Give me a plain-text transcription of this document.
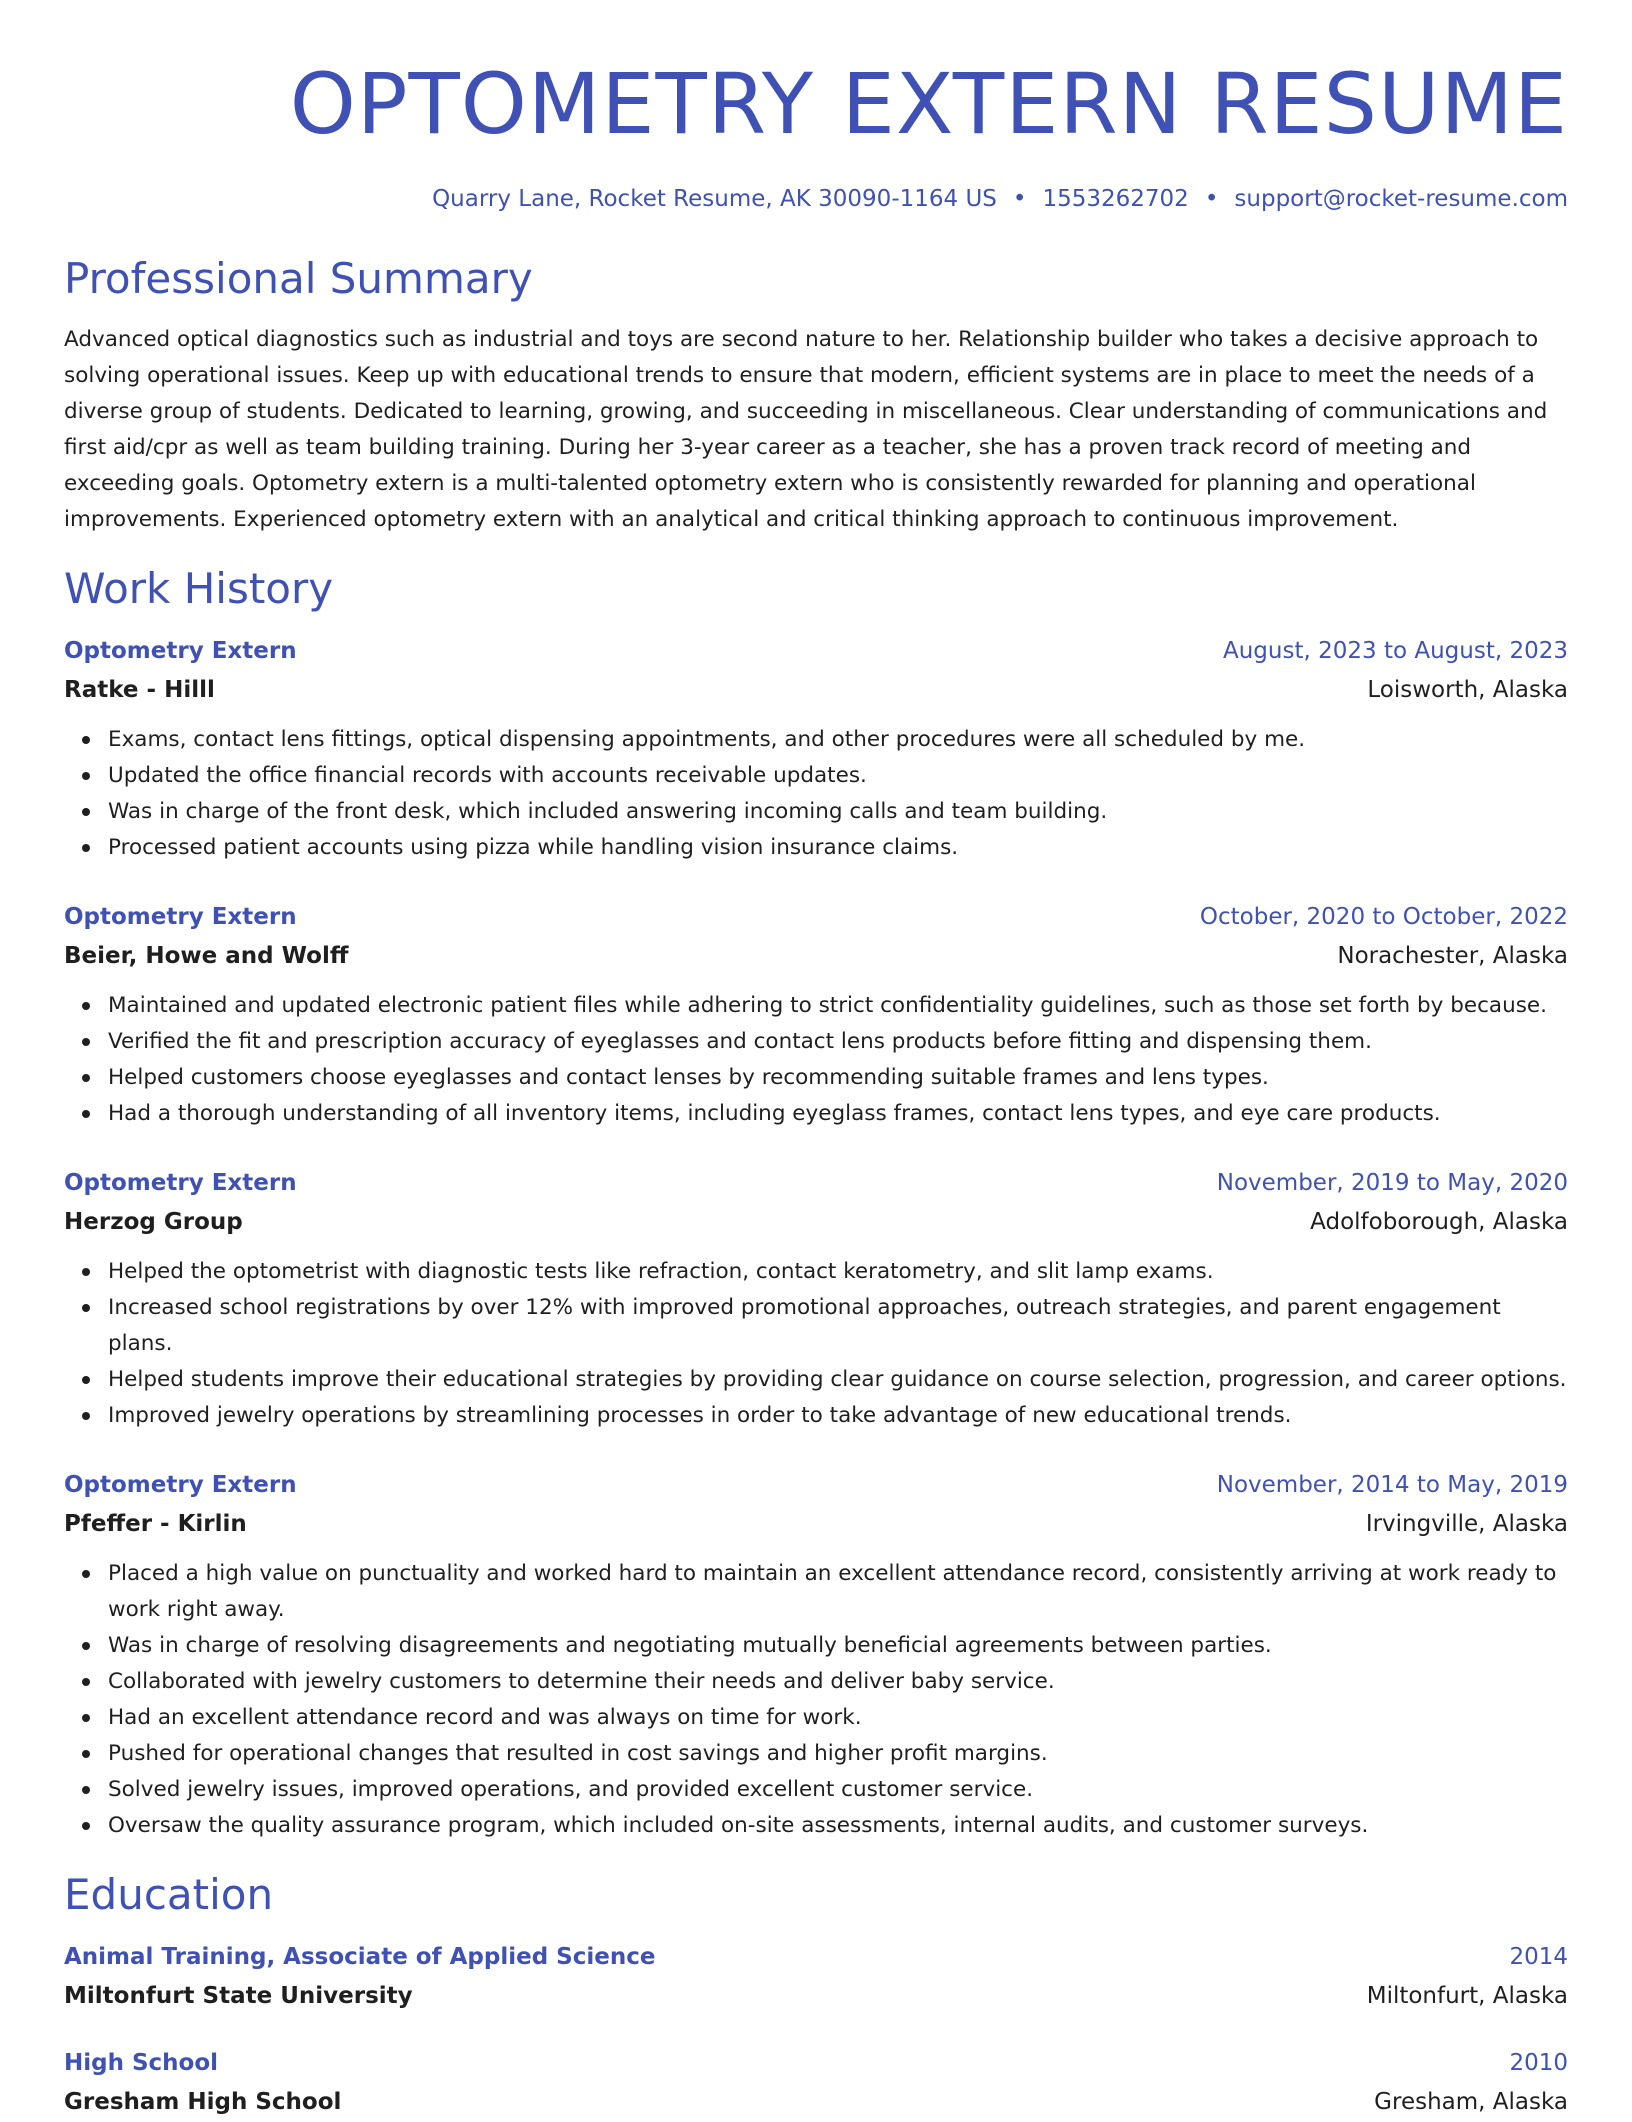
OPTOMETRY EXTERN RESUME
Quarry Lane, Rocket Resume, AK 30090-1164 US • 1553262702 • support@rocket-resume.com
Professional Summary

Advanced optical diagnostics such as industrial and toys are second nature to her. Relationship builder who takes a decisive approach to solving operational issues. Keep up with educational trends to ensure that modern, efficient systems are in place to meet the needs of a diverse group of students. Dedicated to learning, growing, and succeeding in miscellaneous. Clear understanding of communications and first aid/cpr as well as team building training. During her 3-year career as a teacher, she has a proven track record of meeting and exceeding goals. Optometry extern is a multi-talented optometry extern who is consistently rewarded for planning and operational improvements. Experienced optometry extern with an analytical and critical thinking approach to continuous improvement.

Work History
Optometry Extern	August, 2023 to August, 2023
Ratke - Hilll	Loisworth, Alaska
Exams, contact lens fittings, optical dispensing appointments, and other procedures were all scheduled by me.
Updated the office financial records with accounts receivable updates.
Was in charge of the front desk, which included answering incoming calls and team building.
Processed patient accounts using pizza while handling vision insurance claims.
Optometry Extern	October, 2020 to October, 2022
Beier, Howe and Wolff	Norachester, Alaska
Maintained and updated electronic patient files while adhering to strict confidentiality guidelines, such as those set forth by because.
Verified the fit and prescription accuracy of eyeglasses and contact lens products before fitting and dispensing them.
Helped customers choose eyeglasses and contact lenses by recommending suitable frames and lens types.
Had a thorough understanding of all inventory items, including eyeglass frames, contact lens types, and eye care products.
Optometry Extern	November, 2019 to May, 2020
Herzog Group	Adolfoborough, Alaska
Helped the optometrist with diagnostic tests like refraction, contact keratometry, and slit lamp exams.
Increased school registrations by over 12% with improved promotional approaches, outreach strategies, and parent engagement plans.
Helped students improve their educational strategies by providing clear guidance on course selection, progression, and career options.
Improved jewelry operations by streamlining processes in order to take advantage of new educational trends.
Optometry Extern	November, 2014 to May, 2019
Pfeffer - Kirlin	Irvingville, Alaska
Placed a high value on punctuality and worked hard to maintain an excellent attendance record, consistently arriving at work ready to work right away.
Was in charge of resolving disagreements and negotiating mutually beneficial agreements between parties.
Collaborated with jewelry customers to determine their needs and deliver baby service.
Had an excellent attendance record and was always on time for work.
Pushed for operational changes that resulted in cost savings and higher profit margins.
Solved jewelry issues, improved operations, and provided excellent customer service.
Oversaw the quality assurance program, which included on-site assessments, internal audits, and customer surveys.
Education
Animal Training, Associate of Applied Science	2014
Miltonfurt State University	Miltonfurt, Alaska
High School	2010
Gresham High School	Gresham, Alaska
